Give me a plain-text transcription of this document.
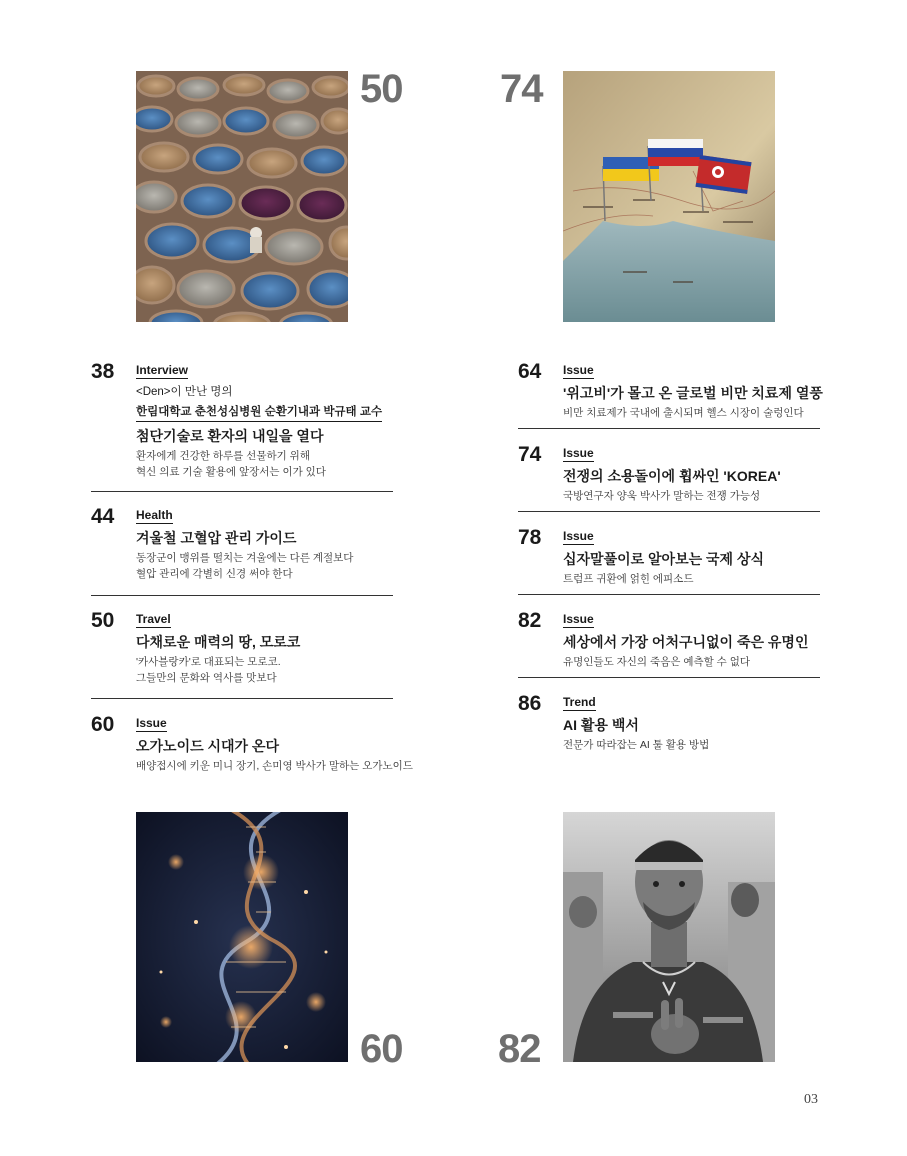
50 74
38 Interview
<Den>이 만난 명의
한림대학교 춘천성심병원 순환기내과 박규태 교수
첨단기술로 환자의 내일을 열다
환자에게 건강한 하루를 선물하기 위해
혁신 의료 기술 활용에 앞장서는 이가 있다
44 Health
겨울철 고혈압 관리 가이드
동장군이 맹위를 떨치는 겨울에는 다른 계절보다
혈압 관리에 각별히 신경 써야 한다
50 Travel
다채로운 매력의 땅, 모로코
'카사블랑카'로 대표되는 모로코.
그들만의 문화와 역사를 맛보다
60 Issue
오가노이드 시대가 온다
배양접시에 키운 미니 장기, 손미영 박사가 말하는 오가노이드
64 Issue
'위고비'가 몰고 온 글로벌 비만 치료제 열풍
비만 치료제가 국내에 출시되며 헬스 시장이 술렁인다
74 Issue
전쟁의 소용돌이에 휩싸인 'KOREA'
국방연구자 양욱 박사가 말하는 전쟁 가능성
78 Issue
십자말풀이로 알아보는 국제 상식
트럼프 귀환에 얽힌 에피소드
82 Issue
세상에서 가장 어처구니없이 죽은 유명인
유명인들도 자신의 죽음은 예측할 수 없다
86 Trend
AI 활용 백서
전문가 따라잡는 AI 툴 활용 방법
60 82
03
